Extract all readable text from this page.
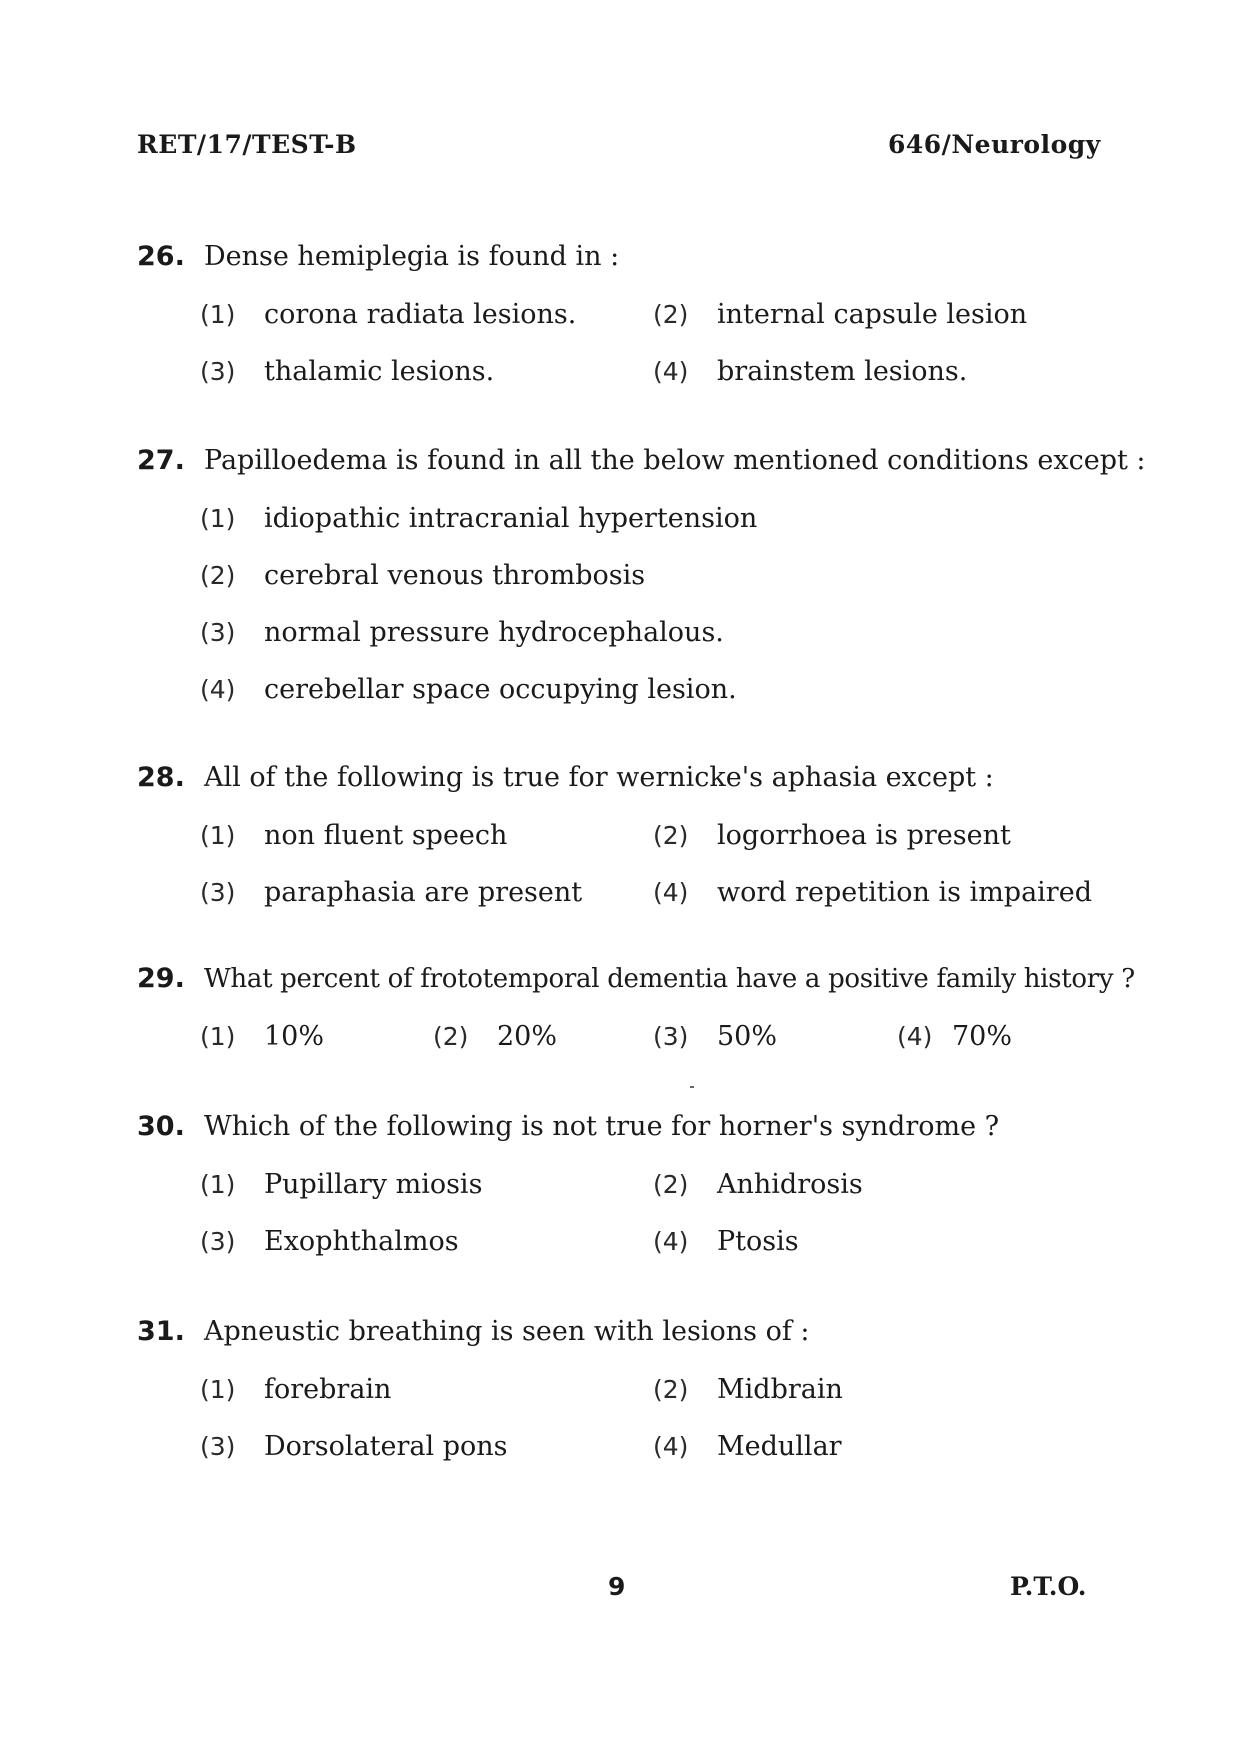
RET/17/TEST-B	646/Neurology
26. Dense hemiplegia is found in :
(1)	corona radiata lesions.	(2)	internal capsule lesion
(3)	thalamic lesions.	(4)	brainstem lesions.
27. Papilloedema is found in all the below mentioned conditions except :
(1)	idiopathic intracranial hypertension
(2)	cerebral venous thrombosis
(3)	normal pressure hydrocephalous.
(4)	cerebellar space occupying lesion.
28. All of the following is true for wernicke's aphasia except :
(1)	non fluent speech	(2)	logorrhoea is present
(3)	paraphasia are present	(4)	word repetition is impaired
29. What percent of frototemporal dementia have a positive family history ?
(1)	10%	(2)	20%	(3)	50%	(4) 70%
30. Which of the following is not true for horner's syndrome ?
(1)	Pupillary miosis	(2)	Anhidrosis
(3)	Exophthalmos	(4)	Ptosis
31. Apneustic breathing is seen with lesions of :
(1)	forebrain	(2)	Midbrain
(3)	Dorsolateral pons	(4)	Medullar
9	P.T.O.
